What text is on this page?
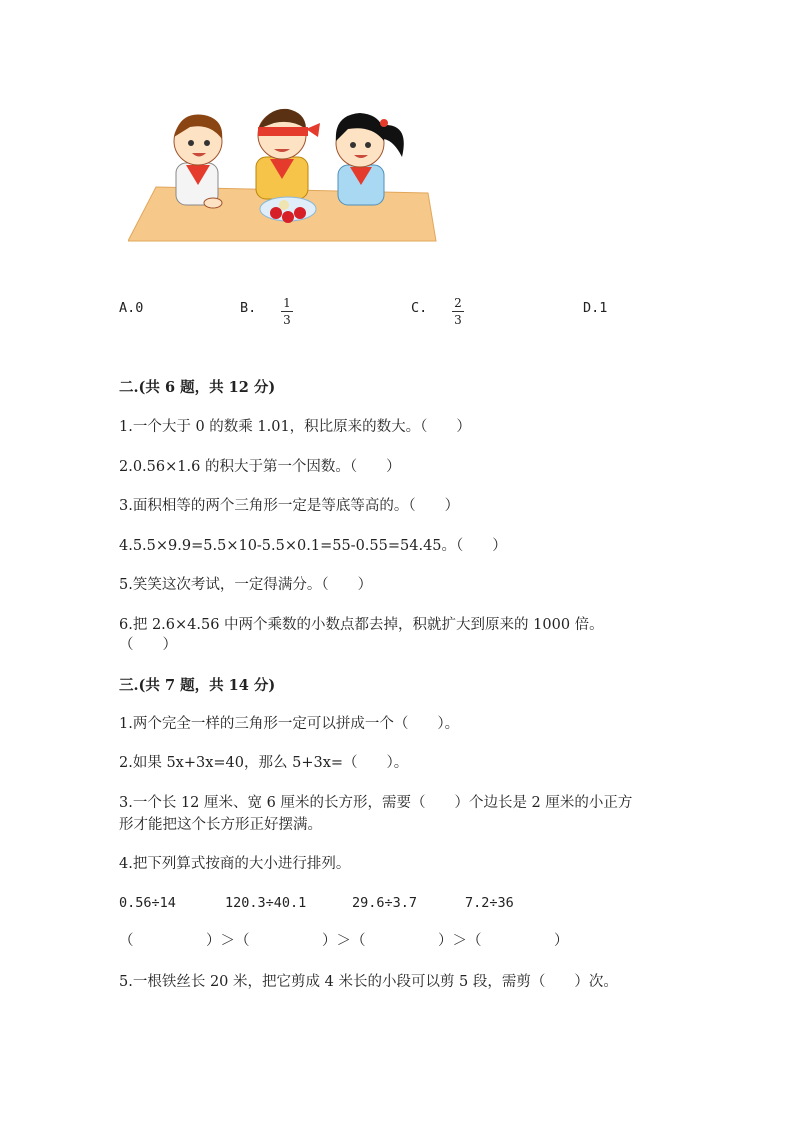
A.0	B. 1
3
C. 2
3
D.1
二.(共 6 题，共 12 分)
1.一个大于 0 的数乘 1.01，积比原来的数大。（　　）
2.0.56×1.6 的积大于第一个因数。（　　）
3.面积相等的两个三角形一定是等底等高的。（　　）
4.5.5×9.9=5.5×10-5.5×0.1=55-0.55=54.45。（　　）
5.笑笑这次考试，一定得满分。（　　）
6.把 2.6×4.56 中两个乘数的小数点都去掉，积就扩大到原来的 1000 倍。
（　　）
三.(共 7 题，共 14 分)
1.两个完全一样的三角形一定可以拼成一个（　　）。
2.如果 5x+3x=40，那么 5+3x=（　　）。
3.一个长 12 厘米、宽 6 厘米的长方形，需要（　　）个边长是 2 厘米的小正方
形才能把这个长方形正好摆满。
4.把下列算式按商的大小进行排列。
0.56÷14	120.3÷40.1	29.6÷3.7	7.2÷36
（　　　　　）＞（　　　　　）＞（　　　　　）＞（　　　　　）
5.一根铁丝长 20 米，把它剪成 4 米长的小段可以剪 5 段，需剪（　　）次。
